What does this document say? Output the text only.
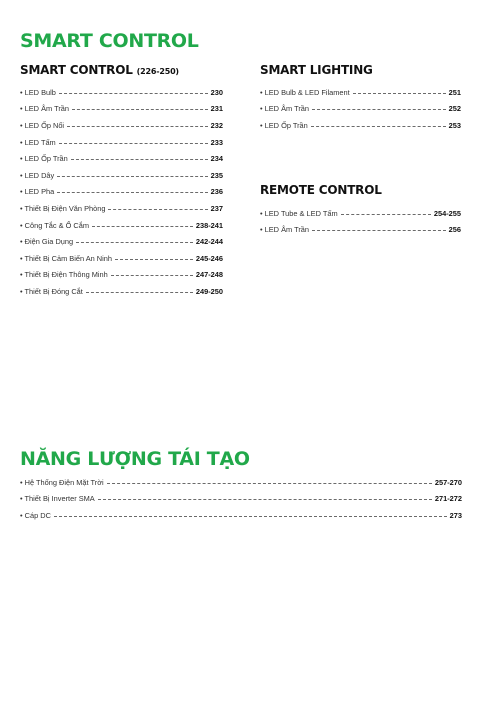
SMART CONTROL
SMART CONTROL (226-250)
• LED Bulb	230
• LED Âm Trần	231
• LED Ốp Nổi	232
• LED Tấm	233
• LED Ốp Trần	234
• LED Dây	235
• LED Pha	236
• Thiết Bị Điện Văn Phòng	237
• Công Tắc & Ổ Cắm	238-241
• Điện Gia Dụng	242-244
• Thiết Bị Cảm Biến An Ninh	245-246
• Thiết Bị Điện Thông Minh	247-248
• Thiết Bị Đóng Cắt	249-250
SMART LIGHTING
• LED Bulb & LED Filament	251
• LED Âm Trần	252
• LED Ốp Trần	253
REMOTE CONTROL
• LED Tube & LED Tấm	254-255
• LED Âm Trần	256
NĂNG LƯỢNG TÁI TẠO
• Hệ Thống Điện Mặt Trời	257-270
• Thiết Bị Inverter SMA	271-272
• Cáp DC	273
